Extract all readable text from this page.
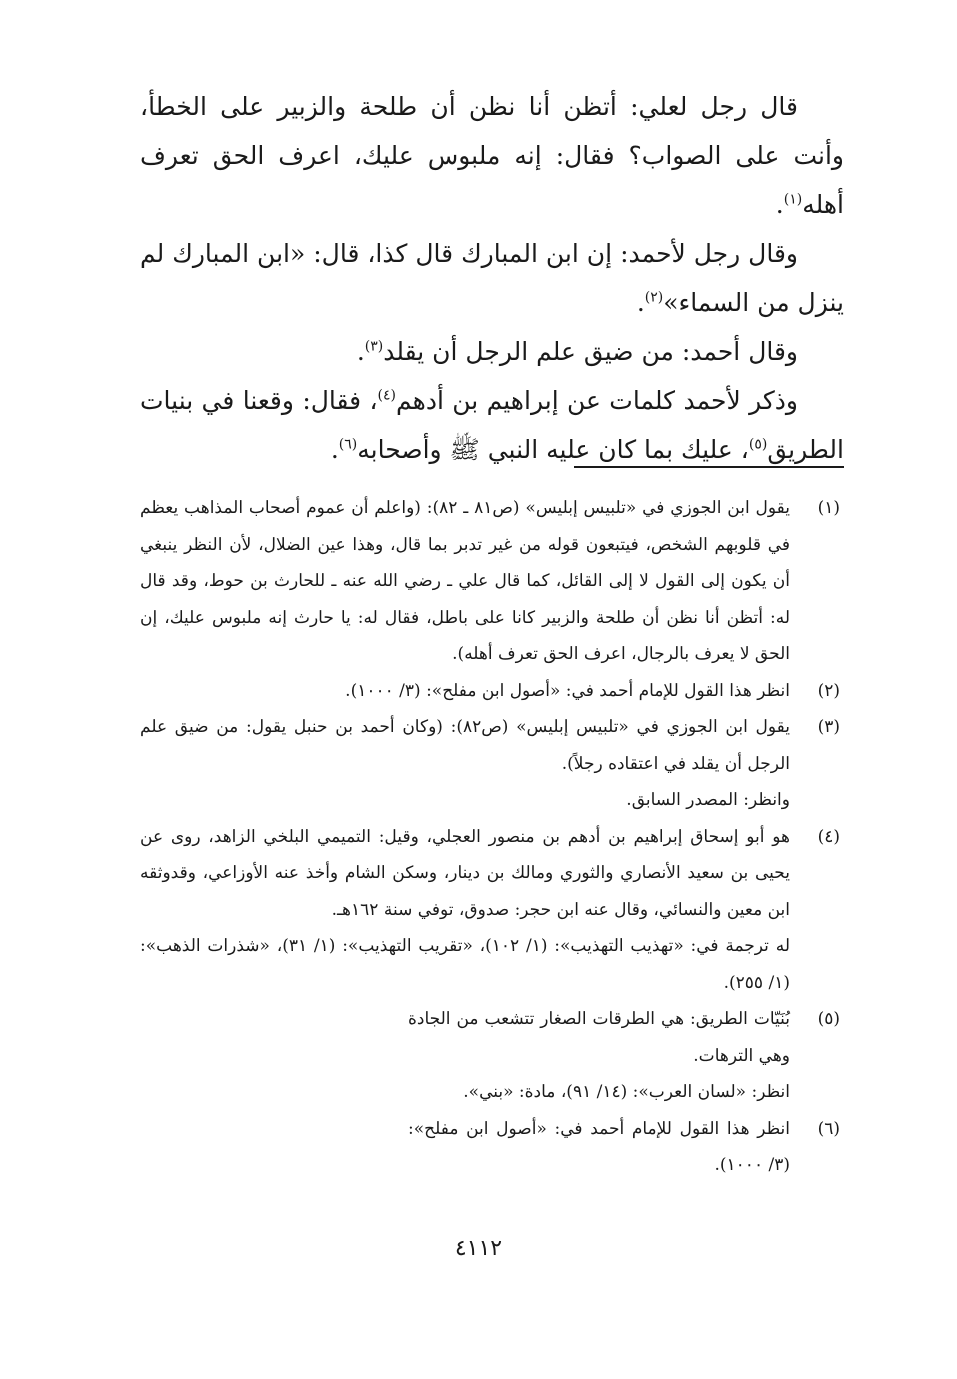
قال رجل لعلي: أتظن أنا نظن أن طلحة والزبير على الخطأ، وأنت على الصواب؟ فقال: إنه ملبوس عليك، اعرف الحق تعرف أهله$^{(١)}$.

وقال رجل لأحمد: إن ابن المبارك قال كذا، قال: «ابن المبارك لم ينزل من السماء»$^{(٢)}$.

وقال أحمد: من ضيق علم الرجل أن يقلد$^{(٣)}$.

وذكر لأحمد كلمات عن إبراهيم بن أدهم$^{(٤)}$، فقال: وقعنا في بنيات الطريق$^{(٥)}$، عليك بما كان عليه النبي ﷺ وأصحابه$^{(٦)}$.

(١)

يقول ابن الجوزي في «تلبيس إبليس» (ص٨١ ـ ٨٢): (واعلم أن عموم أصحاب المذاهب يعظم في قلوبهم الشخص، فيتبعون قوله من غير تدبر بما قال، وهذا عين الضلال، لأن النظر ينبغي أن يكون إلى القول لا إلى القائل، كما قال علي ـ رضي الله عنه ـ للحارث بن حوط، وقد قال له: أتظن أنا نظن أن طلحة والزبير كانا على باطل، فقال له: يا حارث إنه ملبوس عليك، إن الحق لا يعرف بالرجال، اعرف الحق تعرف أهله).

(٢)

انظر هذا القول للإمام أحمد في: «أصول ابن مفلح»: (٣/ ١٠٠٠).

(٣)

يقول ابن الجوزي في «تلبيس إبليس» (ص٨٢): (وكان أحمد بن حنبل يقول: من ضيق علم الرجل أن يقلد في اعتقاده رجلاً).

وانظر: المصدر السابق.

(٤)

هو أبو إسحاق إبراهيم بن أدهم بن منصور العجلي، وقيل: التميمي البلخي الزاهد، روى عن يحيى بن سعيد الأنصاري والثوري ومالك بن دينار، وسكن الشام وأخذ عنه الأوزاعي، وقدوثقه ابن معين والنسائي، وقال عنه ابن حجر: صدوق، توفي سنة ١٦٢هـ.

له ترجمة في: «تهذيب التهذيب»: (١/ ١٠٢)، «تقريب التهذيب»: (١/ ٣١)، «شذرات الذهب»: (١/ ٢٥٥).

(٥)

بُنَيّات الطريق: هي الطرقات الصغار تتشعب من الجادة وهي الترهات.

انظر: «لسان العرب»: (١٤/ ٩١)، مادة: «بني».

(٦)

انظر هذا القول للإمام أحمد في: «أصول ابن مفلح»: (٣/ ١٠٠٠).

٤١١٢
